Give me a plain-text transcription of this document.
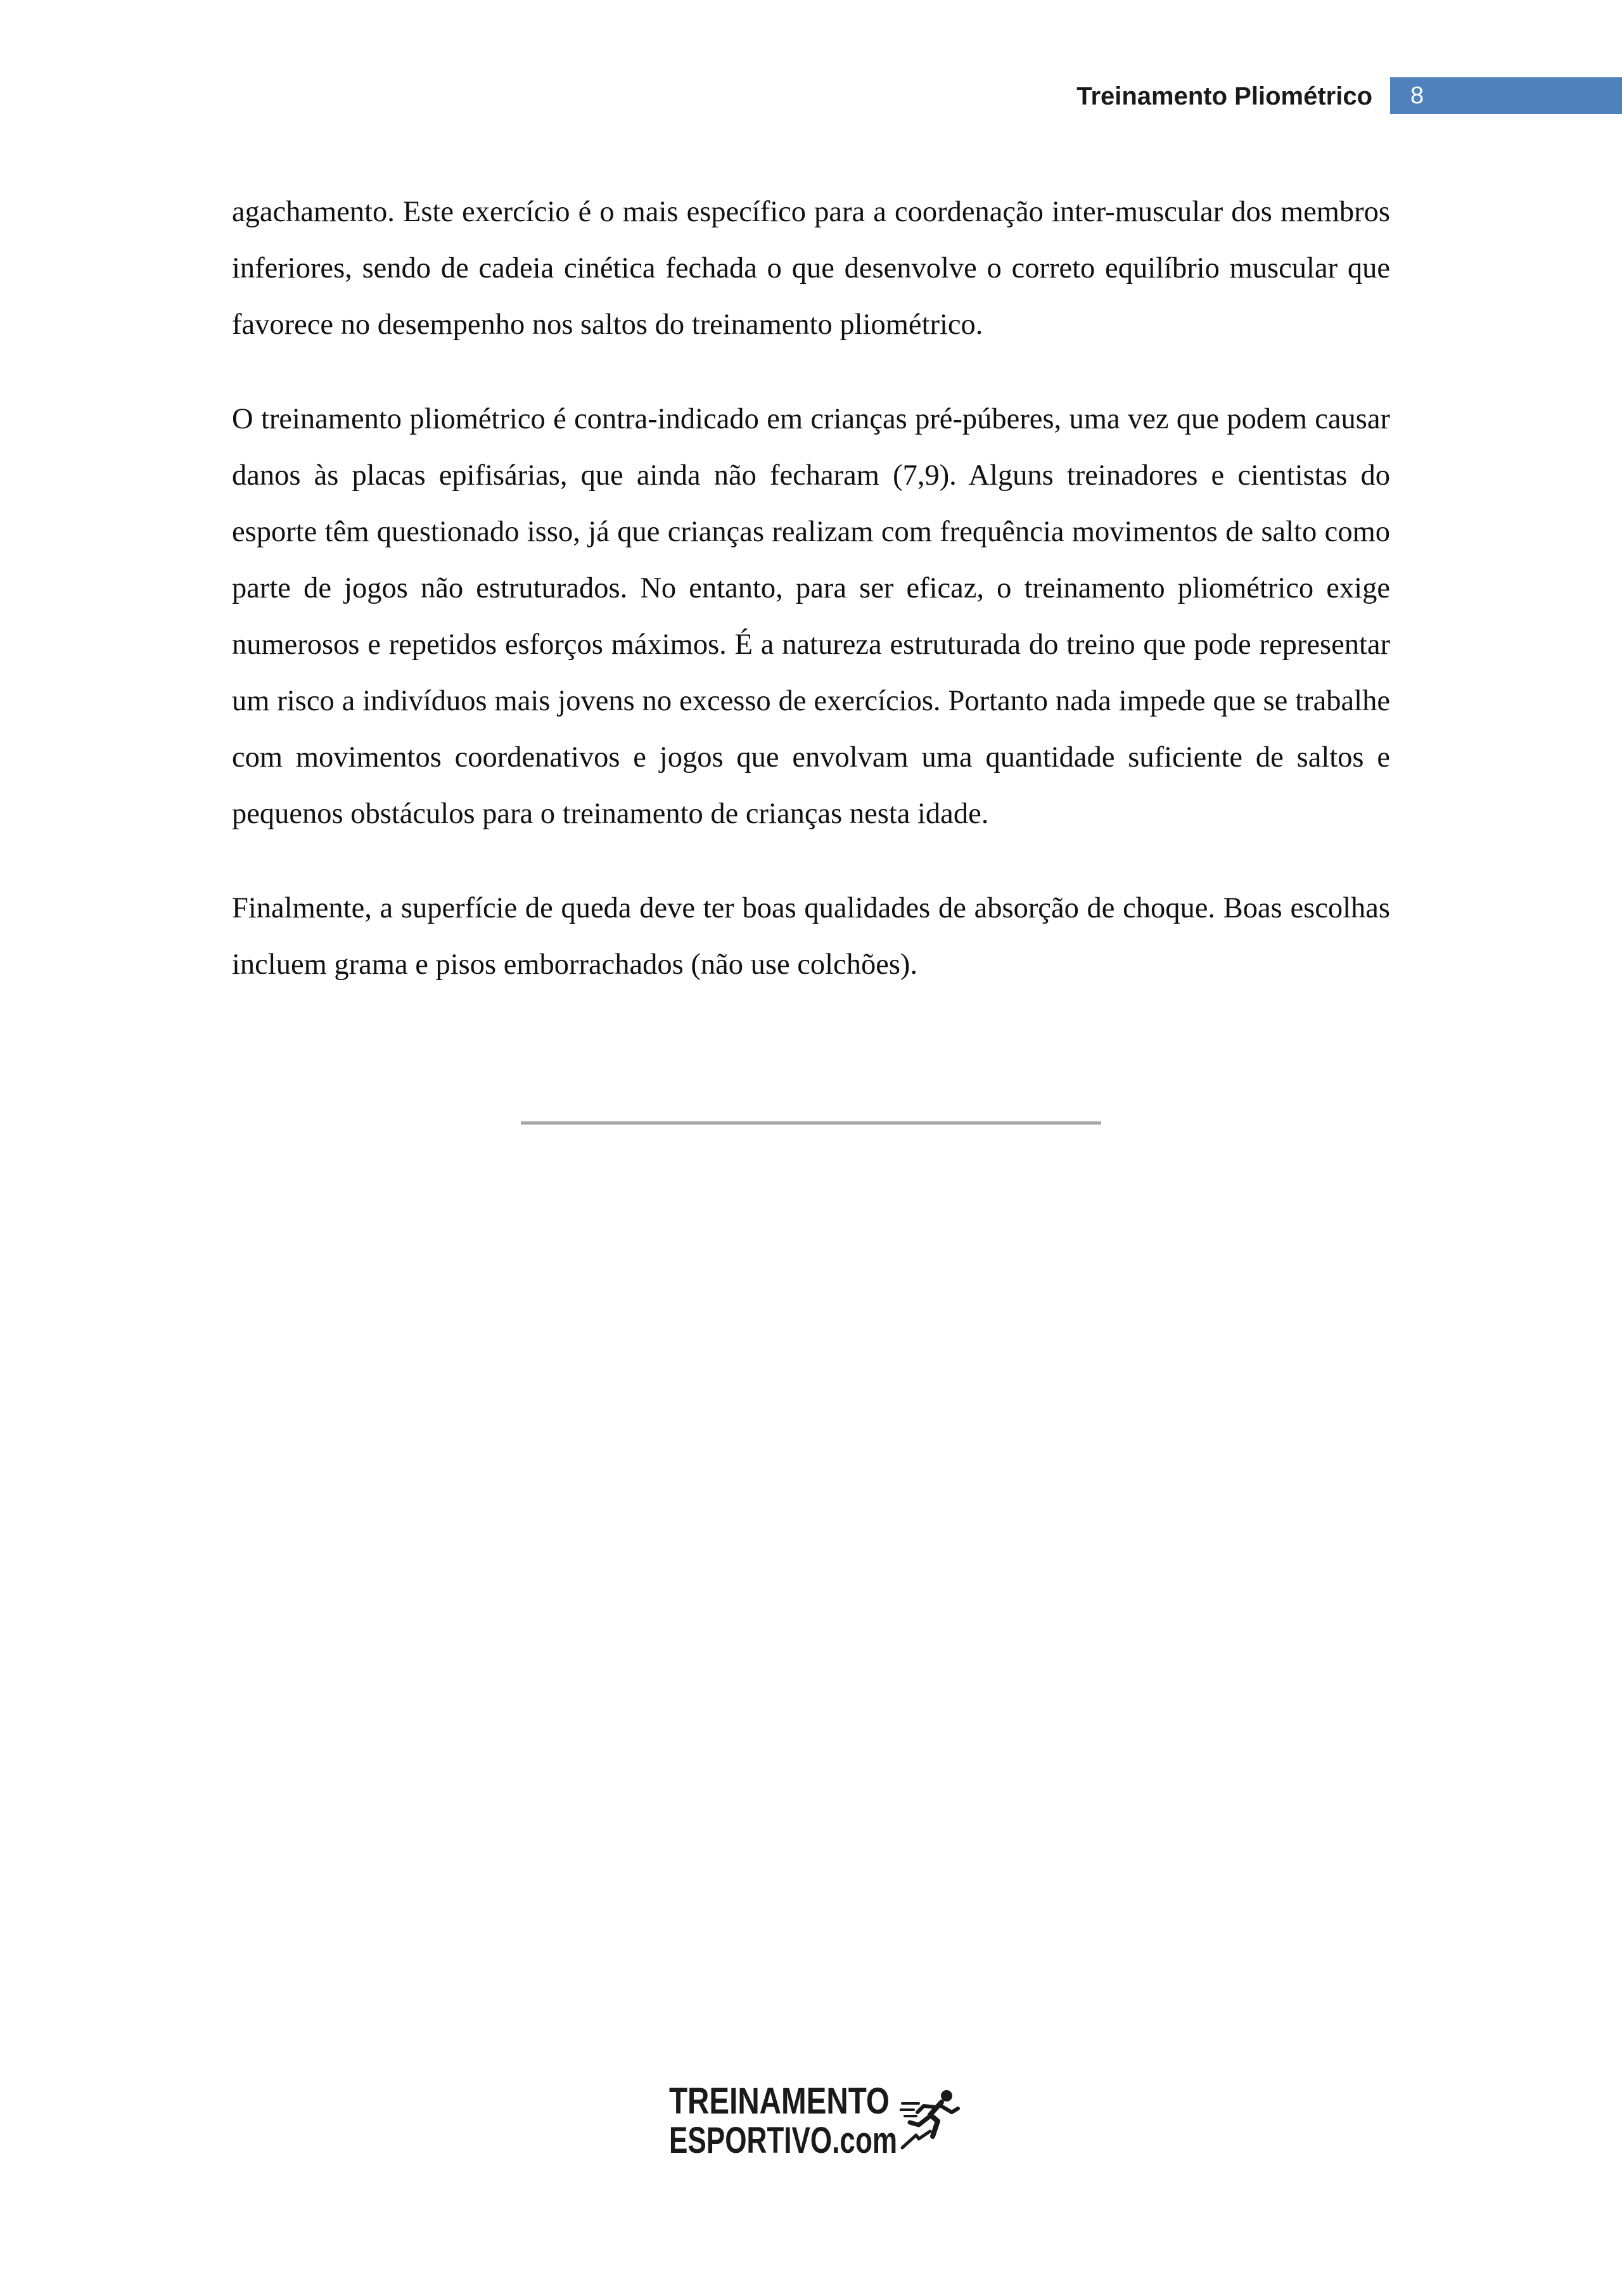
Treinamento Pliométrico 8

agachamento. Este exercício é o mais específico para a coordenação inter-muscular dos membros inferiores, sendo de cadeia cinética fechada o que desenvolve o correto equilíbrio muscular que favorece no desempenho nos saltos do treinamento pliométrico.

O treinamento pliométrico é contra-indicado em crianças pré-púberes, uma vez que podem causar danos às placas epifisárias, que ainda não fecharam (7,9). Alguns treinadores e cientistas do esporte têm questionado isso, já que crianças realizam com frequência movimentos de salto como parte de jogos não estruturados. No entanto, para ser eficaz, o treinamento pliométrico exige numerosos e repetidos esforços máximos. É a natureza estruturada do treino que pode representar um risco a indivíduos mais jovens no excesso de exercícios. Portanto nada impede que se trabalhe com movimentos coordenativos e jogos que envolvam uma quantidade suficiente de saltos e pequenos obstáculos para o treinamento de crianças nesta idade.

Finalmente, a superfície de queda deve ter boas qualidades de absorção de choque. Boas escolhas incluem grama e pisos emborrachados (não use colchões).

TREINAMENTO
ESPORTIVO.com
